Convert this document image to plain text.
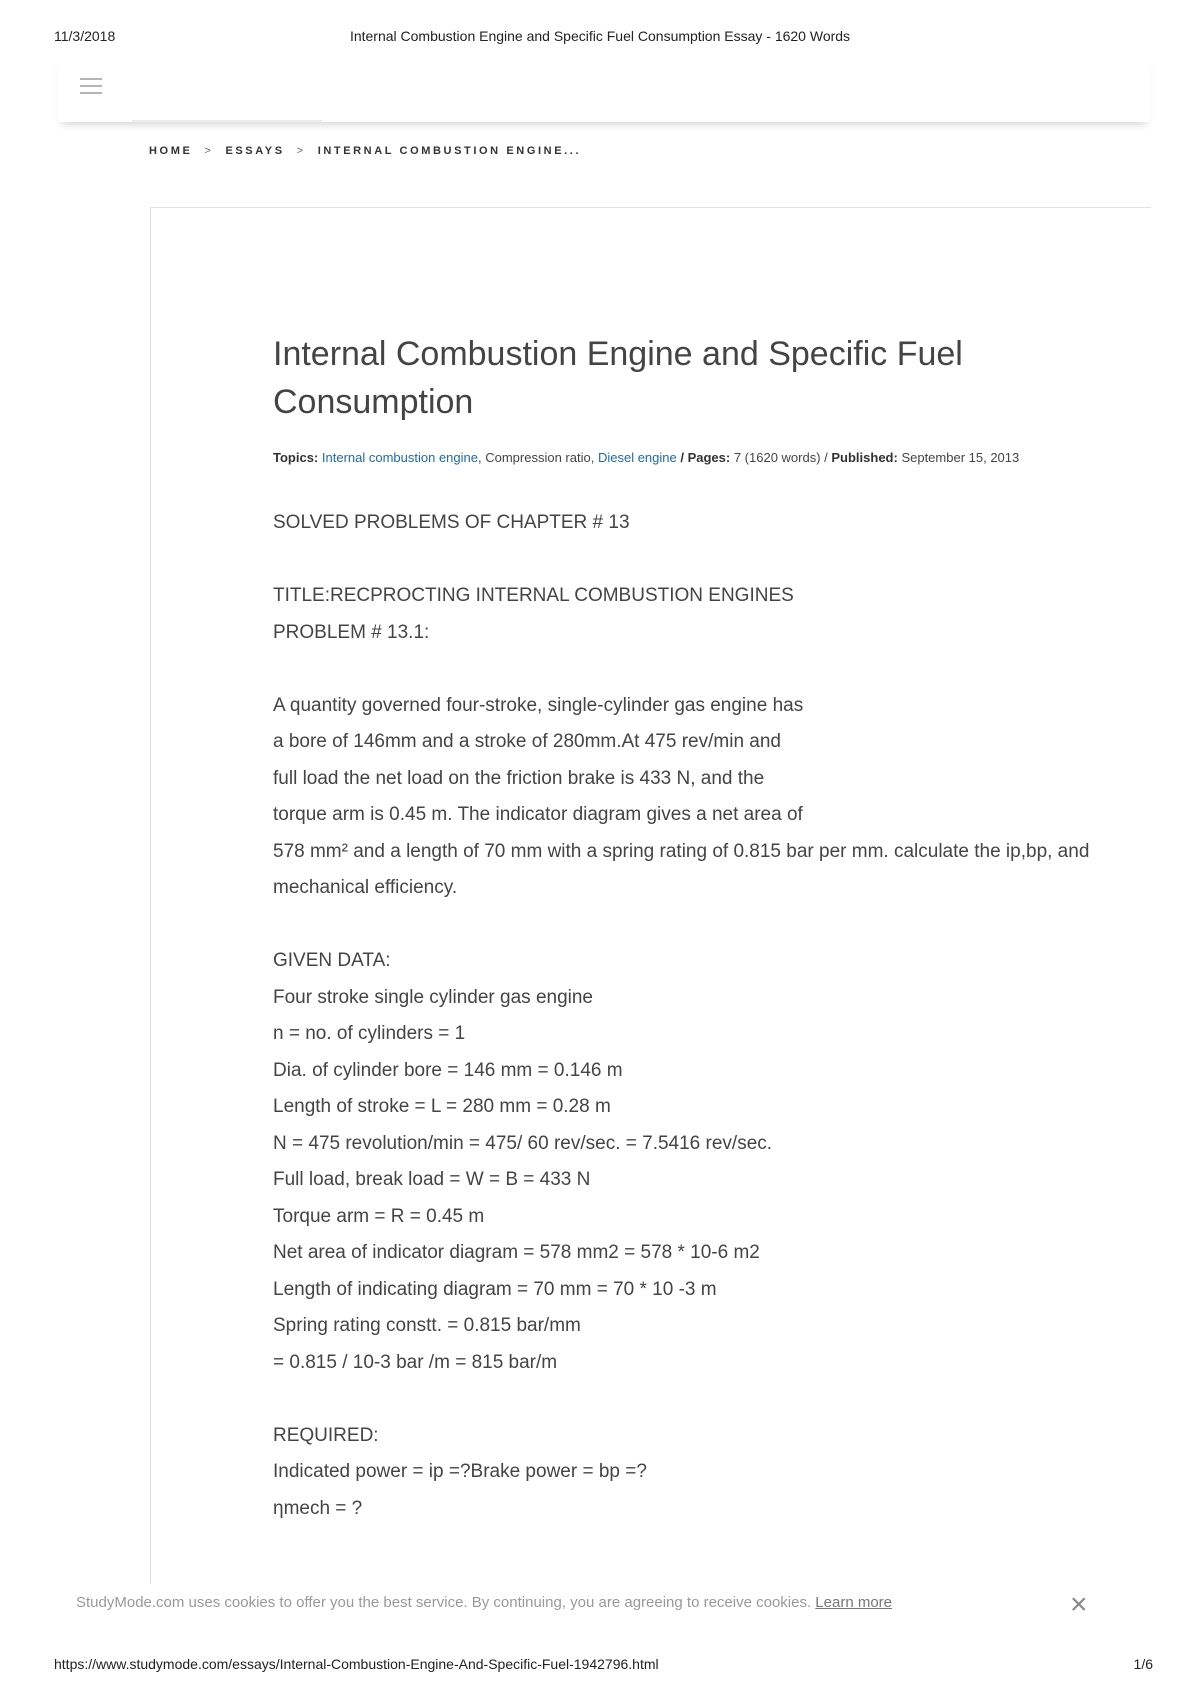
11/3/2018	Internal Combustion Engine and Specific Fuel Consumption Essay - 1620 Words
HOME > ESSAYS > INTERNAL COMBUSTION ENGINE...
Internal Combustion Engine and Specific Fuel Consumption
Topics: Internal combustion engine, Compression ratio, Diesel engine / Pages: 7 (1620 words) / Published: September 15, 2013
SOLVED PROBLEMS OF CHAPTER # 13
TITLE:RECPROCTING INTERNAL COMBUSTION ENGINES
PROBLEM # 13.1:
A quantity governed four-stroke, single-cylinder gas engine has
a bore of 146mm and a stroke of 280mm.At 475 rev/min and
full load the net load on the friction brake is 433 N, and the
torque arm is 0.45 m. The indicator diagram gives a net area of
578 mm² and a length of 70 mm with a spring rating of 0.815 bar per mm. calculate the ip,bp, and
mechanical efficiency.
GIVEN DATA:
Four stroke single cylinder gas engine
n = no. of cylinders = 1
Dia. of cylinder bore = 146 mm = 0.146 m
Length of stroke = L = 280 mm = 0.28 m
N = 475 revolution/min = 475/ 60 rev/sec. = 7.5416 rev/sec.
Full load, break load = W = B = 433 N
Torque arm = R = 0.45 m
Net area of indicator diagram = 578 mm2 = 578 * 10-6 m2
Length of indicating diagram = 70 mm = 70 * 10 -3 m
Spring rating constt. = 0.815 bar/mm
= 0.815 / 10-3 bar /m = 815 bar/m
REQUIRED:
Indicated power = ip =?Brake power = bp =?
ηmech = ?
StudyMode.com uses cookies to offer you the best service. By continuing, you are agreeing to receive cookies. Learn more	×
https://www.studymode.com/essays/Internal-Combustion-Engine-And-Specific-Fuel-1942796.html	1/6
